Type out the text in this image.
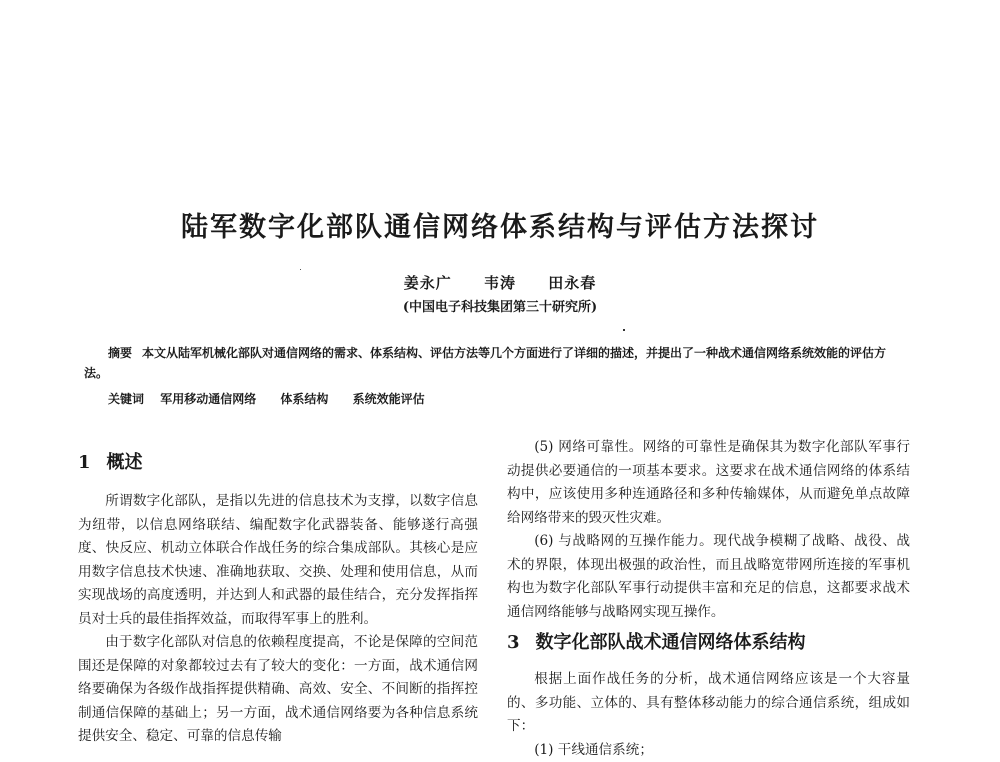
陆军数字化部队通信网络体系结构与评估方法探讨
姜永广 韦涛 田永春
(中国电子科技集团第三十研究所)
摘要 本文从陆军机械化部队对通信网络的需求、体系结构、评估方法等几个方面进行了详细的描述，并提出了一种战术通信网络系统效能的评估方法。
关键词 军用移动通信网络 体系结构 系统效能评估
1 概述

所谓数字化部队，是指以先进的信息技术为支撑，以数字信息为纽带，以信息网络联结、编配数字化武器装备、能够遂行高强度、快反应、机动立体联合作战任务的综合集成部队。其核心是应用数字信息技术快速、准确地获取、交换、处理和使用信息，从而实现战场的高度透明，并达到人和武器的最佳结合，充分发挥指挥员对士兵的最佳指挥效益，而取得军事上的胜利。

由于数字化部队对信息的依赖程度提高，不论是保障的空间范围还是保障的对象都较过去有了较大的变化：一方面，战术通信网络要确保为各级作战指挥提供精确、高效、安全、不间断的指挥控制通信保障的基础上；另一方面，战术通信网络要为各种信息系统提供安全、稳定、可靠的信息传输

(5) 网络可靠性。网络的可靠性是确保其为数字化部队军事行动提供必要通信的一项基本要求。这要求在战术通信网络的体系结构中，应该使用多种连通路径和多种传输媒体，从而避免单点故障给网络带来的毁灭性灾难。

(6) 与战略网的互操作能力。现代战争模糊了战略、战役、战术的界限，体现出极强的政治性，而且战略宽带网所连接的军事机构也为数字化部队军事行动提供丰富和充足的信息，这都要求战术通信网络能够与战略网实现互操作。

3 数字化部队战术通信网络体系结构

根据上面作战任务的分析，战术通信网络应该是一个大容量的、多功能、立体的、具有整体移动能力的综合通信系统，组成如下：

(1) 干线通信系统；
